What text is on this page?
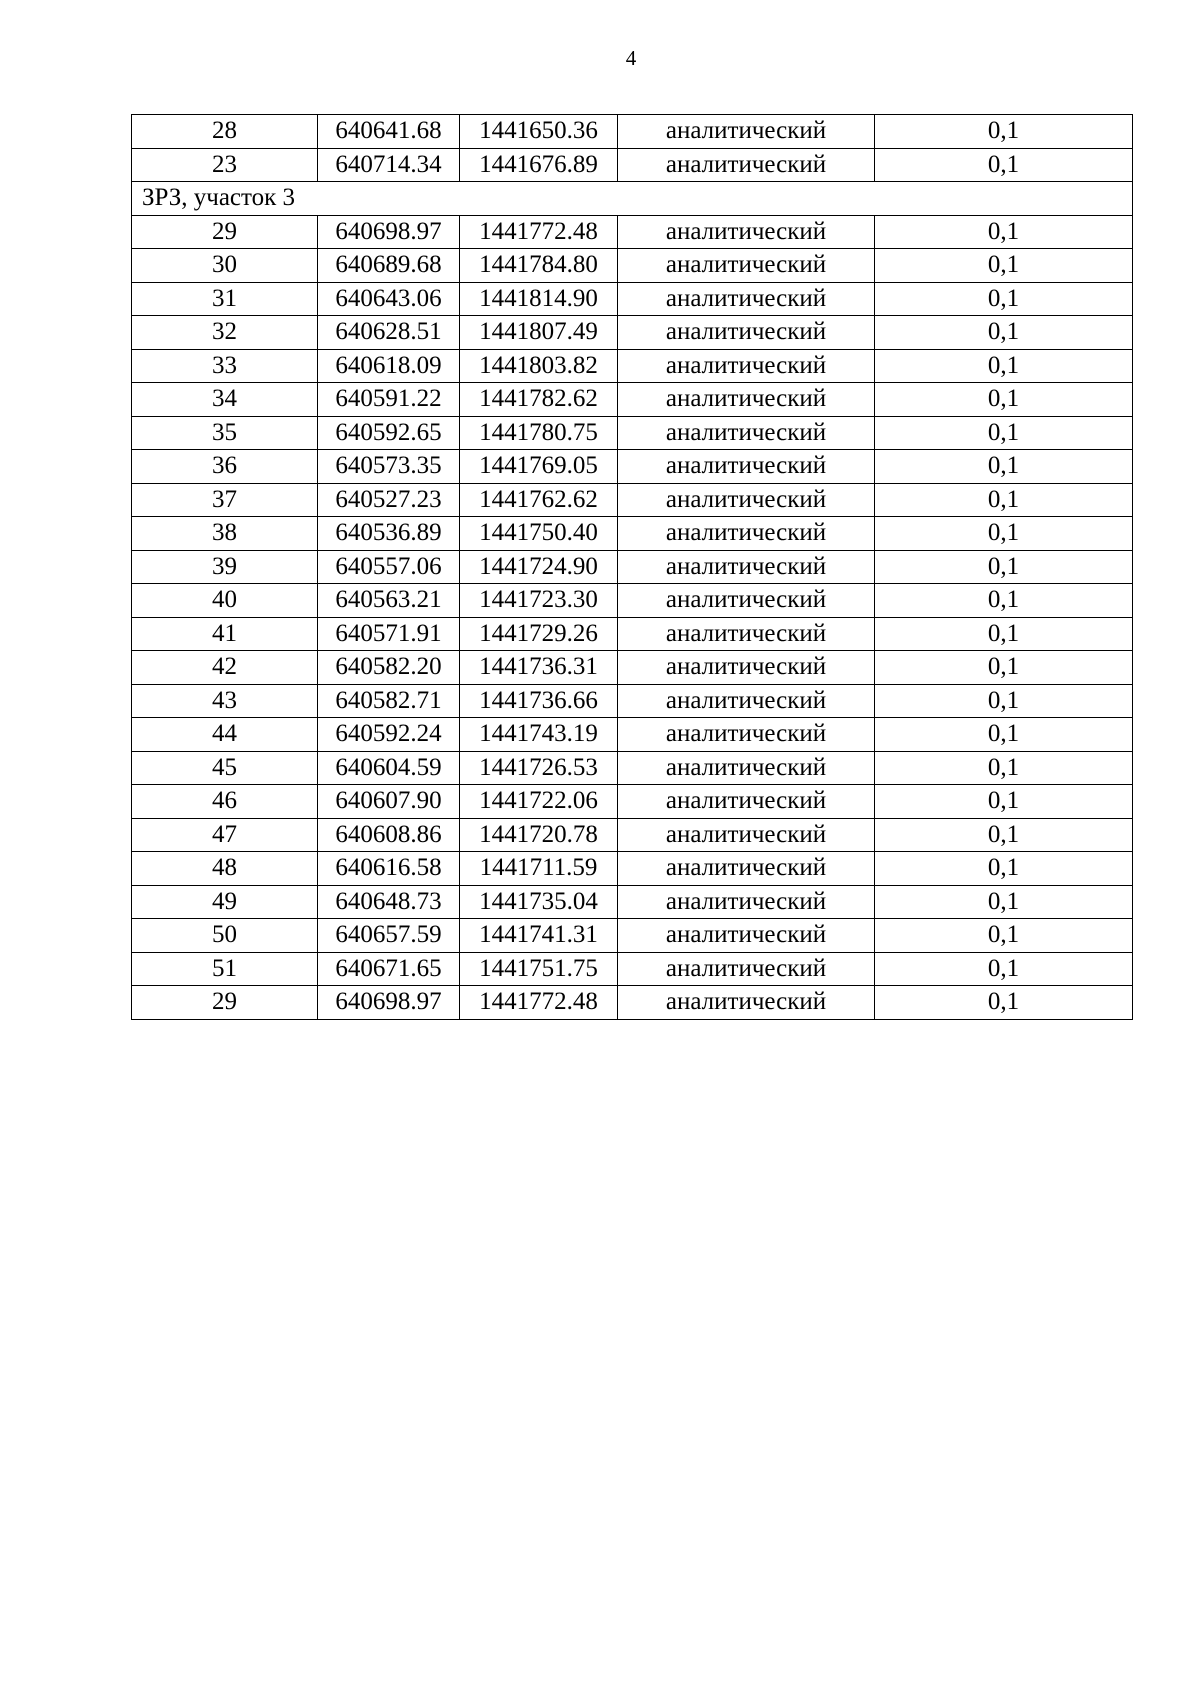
4
28	640641.68	1441650.36	аналитический	0,1
23	640714.34	1441676.89	аналитический	0,1
ЗРЗ, участок 3				
29	640698.97	1441772.48	аналитический	0,1
30	640689.68	1441784.80	аналитический	0,1
31	640643.06	1441814.90	аналитический	0,1
32	640628.51	1441807.49	аналитический	0,1
33	640618.09	1441803.82	аналитический	0,1
34	640591.22	1441782.62	аналитический	0,1
35	640592.65	1441780.75	аналитический	0,1
36	640573.35	1441769.05	аналитический	0,1
37	640527.23	1441762.62	аналитический	0,1
38	640536.89	1441750.40	аналитический	0,1
39	640557.06	1441724.90	аналитический	0,1
40	640563.21	1441723.30	аналитический	0,1
41	640571.91	1441729.26	аналитический	0,1
42	640582.20	1441736.31	аналитический	0,1
43	640582.71	1441736.66	аналитический	0,1
44	640592.24	1441743.19	аналитический	0,1
45	640604.59	1441726.53	аналитический	0,1
46	640607.90	1441722.06	аналитический	0,1
47	640608.86	1441720.78	аналитический	0,1
48	640616.58	1441711.59	аналитический	0,1
49	640648.73	1441735.04	аналитический	0,1
50	640657.59	1441741.31	аналитический	0,1
51	640671.65	1441751.75	аналитический	0,1
29	640698.97	1441772.48	аналитический	0,1
